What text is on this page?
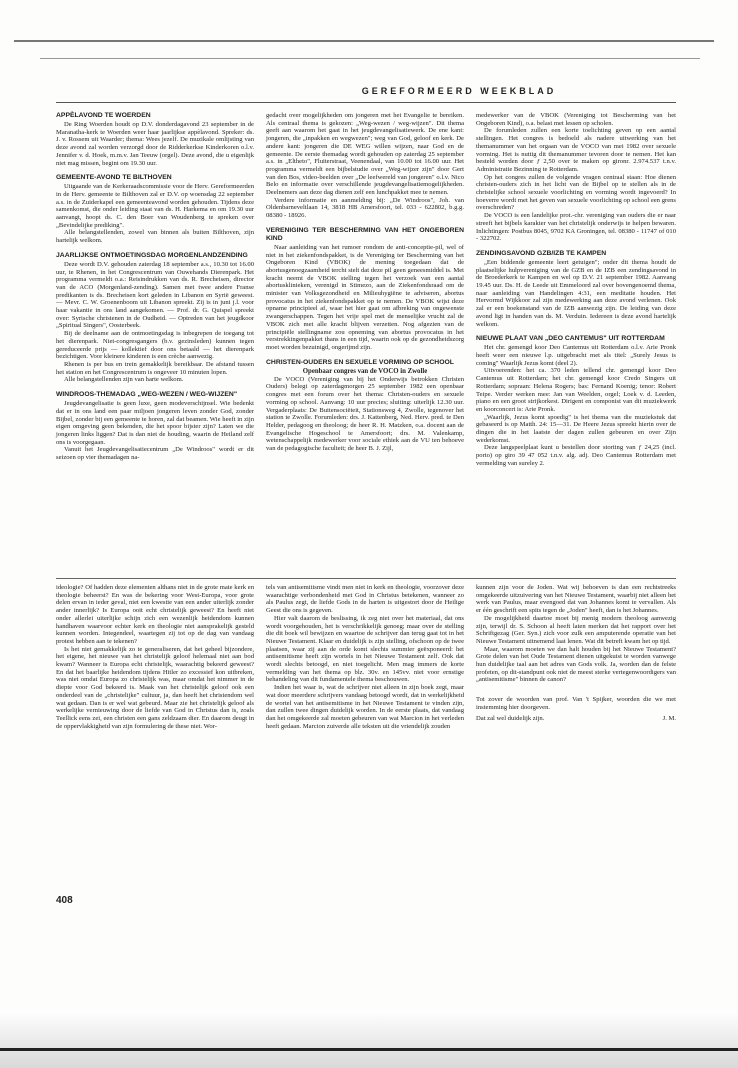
GEREFORMEERD WEEKBLAD
APPÈLAVOND TE WOERDEN

De Ring Woerden houdt op D.V. donderdagavond 23 september in de Maranatha-kerk te Woerden weer haar jaarlijkse appèlavond. Spreker: ds. J. v. Rossem uit Waarder; thema: Wees jezelf. De muzikale omlijsting van deze avond zal worden verzorgd door de Ridderkerkse Kinderkoren o.l.v. Jennifer v. d. Hoek, m.m.v. Jan Teeuw (orgel). Deze avond, die u eigenlijk niet mag missen, begint om 19.30 uur.

GEMEENTE-AVOND TE BILTHOVEN

Uitgaande van de Kerkeraadscommissie voor de Herv. Gereformeerden in de Herv. gemeente te Bilthoven zal er D.V. op woensdag 22 september a.s. in de Zuiderkapel een gemeenteavond worden gehouden. Tijdens deze samenkomst, die onder leiding staat van ds. H. Harkema en om 19.30 uur aanvangt, hoopt ds. C. den Boer van Woudenberg te spreken over „Bevindelijke prediking".

Alle belangstellenden, zowel van binnen als buiten Bilthoven, zijn hartelijk welkom.

JAARLIJKSE ONTMOETINGSDAG MORGENLANDZENDING

Deze wordt D.V. gehouden zaterdag 18 september a.s., 10.30 tot 16.00 uur, te Rhenen, in het Congrescentrum van Ouwehands Dierenpark. Het programma vermeldt o.a.: Reisindrukken van ds. R. Brecheisen, director van de ACO (Morgenland-zending). Samen met twee andere Franse predikanten is ds. Brecheisen kort geleden in Libanon en Syrië geweest. — Mevr. C. W. Groenenboom uit Libanon spreekt. Zij is in juni j.l. voor haar vakantie in ons land aangekomen. — Prof. dr. G. Quispel spreekt over: Syrische christenen in de Oudheid. — Optreden van het jeugdkoor „Spiritual Singers", Oosterbeek.

Bij de deelname aan de ontmoetingsdag is inbegrepen de toegang tot het dierenpark. Niet-congresgangers (b.v. gezinsleden) kunnen tegen gereduceerde prijs — kollektief door ons betaald — het dierenpark bezichtigen. Voor kleinere kinderen is een crèche aanwezig.

Rhenen is per bus en trein gemakkelijk bereikbaar. De afstand tussen het station en het Congrescentrum is ongeveer 10 minuten lopen.

Alle belangstellenden zijn van harte welkom.

WINDROOS-THEMADAG „WEG-WEZEN / WEG-WIJZEN"

Jeugdevangelisatie is geen luxe, geen modeverschijnsel. Wie bedenkt dat er in ons land een paar miljoen jongeren leven zonder God, zonder Bijbel, zonder bij een gemeente te horen, zal dat beamen. Wie heeft in zijn eigen omgeving geen bekenden, die het spoor bijster zijn? Laten we die jongeren links liggen? Dat is dan niet de houding, waarin de Heiland zelf ons is voorgegaan.

Vanuit het Jeugdevangelisatiecentrum „De Windroos" wordt er dit seizoen op vier themadagen na-

gedacht over mogelijkheden om jongeren met het Evangelie te bereiken. Als centraal thema is gekozen: „Weg-wezen / weg-wijzen". Dit thema geeft aan waarom het gaat in het jeugdevangelisatiewerk. De ene kant: jongeren, die „inpakken en wegwezen"; weg van God, geloof en kerk. De andere kant: jongeren die DE WEG willen wijzen, naar God en de gemeente. De eerste themadag wordt gehouden op zaterdag 25 september a.s. in „Eltheto", Fluiterstraat, Veenendaal, van 10.00 tot 16.00 uur. Het programma vermeldt een bijbelstudie over „Weg-wijzer zijn" door Gert van den Bos, video-beelden over „De leefwereld van jongeren" o.l.v. Nico Belo en informatie over verschillende jeugdevangelisatiemogelijkheden. Deelnemers aan deze dag dienen zelf een lunchpakket mee te nemen.

Verdere informatie en aanmelding bij: „De Windroos", Joh. van Oldenbarneveltlaan 14, 3818 HB Amersfoort, tel. 033 - 622802, b.g.g. 08380 - 18926.

VERENIGING TER BESCHERMING VAN HET ONGEBOREN KIND

Naar aanleiding van het rumoer rondom de anti-conceptie-pil, wel of niet in het ziekenfondspakket, is de Vereniging ter Bescherming van het Ongeboren Kind (VBOK) de mening toegedaan dat de abortusgenoegzaamheid tercht stelt dat deze pil geen geneesmiddel is. Met kracht neemt de VBOK stelling tegen het verzoek van een aantal abortusklinieken, verenigd in Stimezo, aan de Ziekenfondsraad om de minister van Volksgezondheid en Milieuhygiëne te adviseren, abortus provocatus in het ziekenfondspakket op te nemen. De VBOK wijst deze opname principieel af, waar het hier gaat om afbreking van ongewenste zwangerschappen. Tegen het vrije spel met de menselijke vrucht zal de VBOK zich met alle kracht blijven verzetten. Nog afgezien van de principiële stellingname zou opneming van abortus provocatus in het verstrekkingenpakket thans in een tijd, waarin ook op de gezondheidszorg moet worden bezuinigd, ongerijmd zijn.

CHRISTEN-OUDERS EN SEXUELE VORMING OP SCHOOL
Openbaar congres van de VOCO in Zwolle

De VOCO (Vereniging van bij het Onderwijs betrokken Christen Ouders) belegt op zaterdagmorgen 25 september 1982 een openbaar congres met een forum over het thema: Christen-ouders en sexuele vorming op school. Aanvang: 10 uur precies; sluiting: uiterlijk 12.30 uur. Vergaderplaats: De Buitensociëteit, Stationsweg 4, Zwolle, tegenover het station te Zwolle. Forumleden: drs. J. Kattenberg, Ned. Herv. pred. te Den Helder, pedagoog en theoloog; de heer R. H. Matzken, o.a. docent aan de Evangelische Hogeschool te Amersfoort; drs. M. Valenkamp, wetenschappelijk medewerker voor sociale ethiek aan de VU ten behoeve van de pedagogische faculteit; de heer B. J. Zijl,

medewerker van de VBOK (Vereniging tot Bescherming van het Ongeboren Kind), o.a. belast met lessen op scholen.

De forumleden zullen een korte toelichting geven op een aantal stellingen. Het congres is bedoeld als nadere uitwerking van het themanummer van het orgaan van de VOCO van mei 1982 over sexuele vorming. Het is nuttig dit themanummer tevoren door te nemen. Het kan besteld worden door ƒ 2,50 over te maken op gironr. 2.974.537 t.n.v. Administratie Bezinning te Rotterdam.

Op het congres zullen de volgende vragen centraal staan: Hoe dienen christen-ouders zich in het licht van de Bijbel op te stellen als in de christelijke school sexuele voorlichting en vorming wordt ingevoerd? In hoeverre wordt met het geven van sexuele voorlichting op school een grens overschreden?

De VOCO is een landelijke prot.-chr. vereniging van ouders die er naar streeft het bijbels karakter van het christelijk onderwijs te helpen bewaren. Inlichtingen: Postbus 8045, 9702 KA Groningen, tel. 08380 - 11747 of 010 - 322702.

ZENDINGSAVOND GZB/IZB TE KAMPEN

„Een biddende gemeente leert getuigen"; onder dit thema houdt de plaatselijke hulpvereniging van de GZB en de IZB een zendingsavond in de Broederkerk te Kampen en wel op D.V. 21 september 1982. Aanvang 19.45 uur. Ds. H. de Leede uit Emmeloord zal over bovengenoemd thema, naar aanleiding van Handelingen 4:31, een meditatie houden. Het Hervormd Wijkkoor zal zijn medewerking aan deze avond verlenen. Ook zal er een boekenstand van de IZB aanwezig zijn. De leiding van deze avond ligt in handen van ds. M. Verduin. Iedereen is deze avond hartelijk welkom.

NIEUWE PLAAT VAN „DEO CANTEMUS" UIT ROTTERDAM

Het chr. gemengd koor Deo Cantemus uit Rotterdam o.l.v. Arie Pronk heeft weer een nieuwe l.p. uitgebracht met als titel: „Surely Jesus is coming" Waarlijk Jezus komt (deel 2).

Uitvoerenden: het ca. 370 leden tellend chr. gemengd koor Deo Cantemus uit Rotterdam; het chr. gemengd koor Credo Singers uit Rotterdam; sopraan: Helena Rogers; bas: Fernand Koenig; tenor: Robert Teipe. Verder werken mee: Jan van Weelden, orgel; Loek v. d. Leeden, piano en een groot strijkorkest. Dirigent en componist van dit muziekwerk en koorconcert is: Arie Pronk.

„Waarlijk, Jezus komt spoedig" is het thema van die muziekstuk dat gebaseerd is op Matth. 24: 15—31. De Heere Jezus spreekt hierin over de dingen die in het laatste der dagen zullen gebeuren en over Zijn wederkomst.

Deze langspeelplaat kunt u bestellen door storting van ƒ 24,25 (incl. porto) op giro 39 47 052 t.n.v. alg. adj. Deo Cantemus Rotterdam met vermelding van sureley 2.

ideologie? Of hadden deze elementen althans niet in de grote mate kerk en theologie beheerst? En was de bekering voor West-Europa, voor grote delen ervan in ieder geval, niet een kwestie van een ander uiterlijk zonder ander innerlijk? Is Europa ooit echt christelijk geweest? En heeft niet onder allerlei uiterlijke schijn zich een wezenlijk heidendom kunnen handhaven waarvoor echter kerk en theologie niet aansprakelijk gesteld kunnen worden. Integendeel, waartegen zij tot op de dag van vandaag protest hebben aan te tekenen?

Is het niet gemakkelijk zo te generaliseren, dat het geheel bijzondere, het eigene, het nieuwe van het christelijk geloof helemaal niet aan bod kwam? Wanneer is Europa echt christelijk, waarachtig bekeerd geweest? En dat het baarlijke heidendom tijdens Hitler zo excessief kon uitbreken, was niet omdat Europa zo christelijk was, maar omdat het nimmer in de diepte voor God bekeerd is. Maak van het christelijk geloof ook een onderdeel van de „christelijke" cultuur, ja, dan heeft het christendom wel wat gedaan. Dan is er wel wat gebeurd. Maar zie het christelijk geloof als werkelijke vernieuwing door de liefde van God in Christus dan is, zoals Teellick eens zei, een christen een gans zeldzaam dier. En daarom deugt in de oppervlakkigheid van zijn formulering de these niet. Wor-

tels van antisemitisme vindt men niet in kerk en theologie, voorzover deze waarachtige verbondenheid met God in Christus betekenen, wanneer zo als Paulus zegt, de liefde Gods in de harten is uitgestort door de Heilige Geest die ons is gegeven.

Hier valt daarom de beslissing, ik zeg niet over het materiaal, dat ons wordt voorgehouden, het is verschrikkelijk genoeg; maar over de stelling die dit boek wil bewijzen en waartoe de schrijver dan terug gaat tot in het Nieuwe Testament. Klaar en duidelijk is zijn stelling, ofschoon op de twee plaatsen, waar zij aan de orde komt slechts summier geëxponeerd: het antisemitisme heeft zijn wortels in het Nieuwe Testament zelf. Ook dat wordt slechts betoogd, en niet toegelicht. Men mag immers de korte vermelding van het thema op blz. 30v. en 145vv. niet voor ernstige behandeling van dit fundamentele thema beschouwen.

Indien het waar is, wat de schrijver niet alleen in zijn boek zegt, maar wat door meerdere schrijvers vandaag betoogd wordt, dat in werkelijkheid de wortel van het antisemitisme in het Nieuwe Testament te vinden zijn, dan zullen twee dingen duidelijk worden. In de eerste plaats, dat vandaag dan het omgekeerde zal moeten gebeuren van wat Marcion in het verleden heeft gedaan. Marcion zuiverde alle teksten uit die vriendelijk zouden

kunnen zijn voor de Joden. Wat wij behoeven is dan een rechtstreeks omgekeerde uitzuivering van het Nieuwe Testament, waarbij niet alleen het werk van Paulus, maar evengoed dat van Johannes komt te vervallen. Als er één geschrift een spits tegen de „Joden" heeft, dan is het Johannes.

De mogelijkheid daartoe moet bij menig modern theoloog aanwezig zijn, terwijl dr. S. Schoon al heeft laten merken dat het rapport over het Schriftgezag (Ger. Syn.) zich voor zulk een amputerende operatie van het Nieuwe Testament uitnemend laat lenen. Wat dit betreft kwam het op tijd.

Maar, waarom moeten we dan halt houden bij het Nieuwe Testament? Grote delen van het Oude Testament dienen uitgekuist te worden vanwege hun duidelijke taal aan het adres van Gods volk. Ja, worden dan de felste profeten, op dit-standpunt ook niet de meest sterke vertegenwoordigers van „antisemitisme" binnen de canon?

Tot zover de woorden van prof. Van 't Spijker, woorden die we met instemming hier doorgeven.

Dat zal wel duidelijk zijn.	J. M.
408
